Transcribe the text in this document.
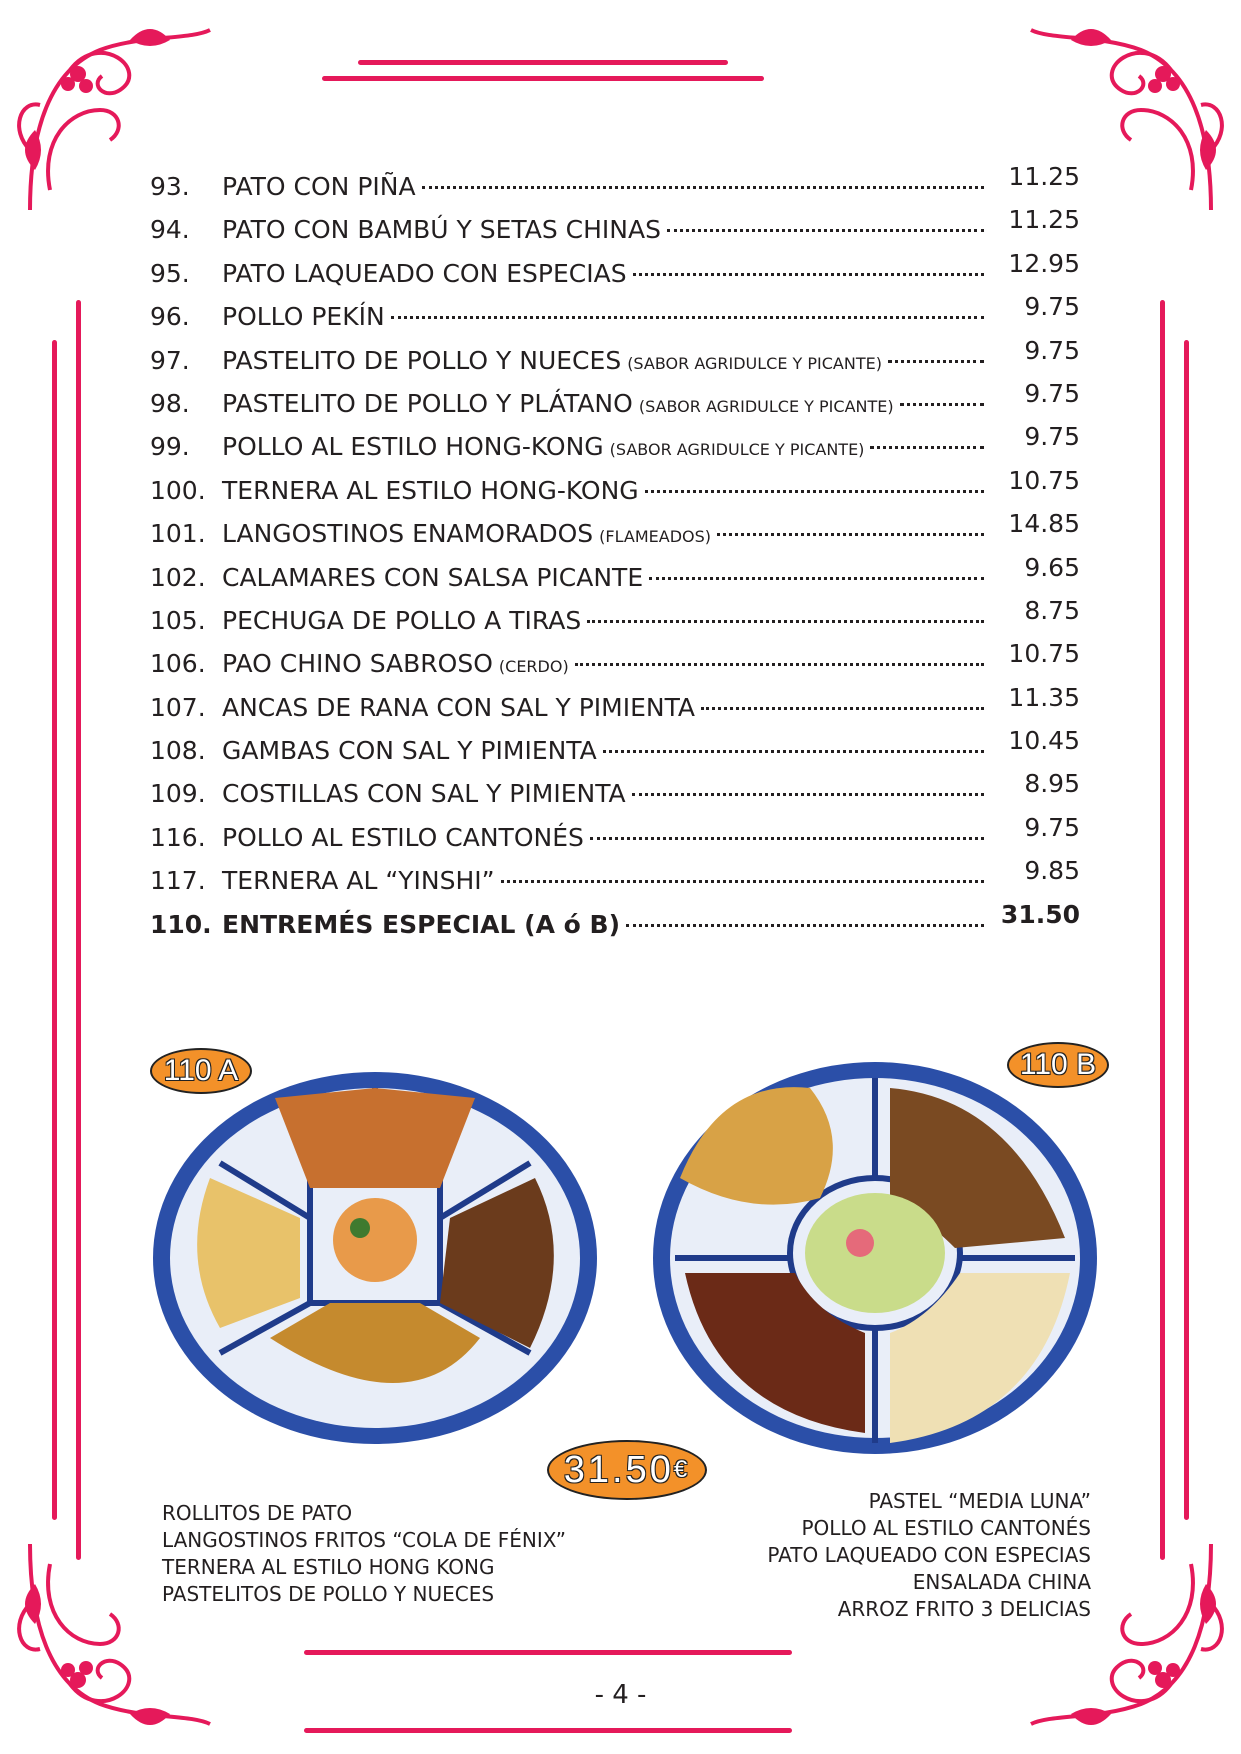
93.	PATO CON PIÑA	11.25
94.	PATO CON BAMBÚ Y SETAS CHINAS	11.25
95.	PATO LAQUEADO CON ESPECIAS	12.95
96.	POLLO PEKÍN	9.75
97.	PASTELITO DE POLLO Y NUECES (SABOR AGRIDULCE Y PICANTE)	9.75
98.	PASTELITO DE POLLO Y PLÁTANO (SABOR AGRIDULCE Y PICANTE)	9.75
99.	POLLO AL ESTILO HONG-KONG (SABOR AGRIDULCE Y PICANTE)	9.75
100. TERNERA AL ESTILO HONG-KONG	10.75
101. LANGOSTINOS ENAMORADOS (FLAMEADOS)	14.85
102. CALAMARES CON SALSA PICANTE	9.65
105. PECHUGA DE POLLO A TIRAS	8.75
106. PAO CHINO SABROSO (CERDO)	10.75
107. ANCAS DE RANA CON SAL Y PIMIENTA	11.35
108. GAMBAS CON SAL Y PIMIENTA	10.45
109. COSTILLAS CON SAL Y PIMIENTA	8.95
116. POLLO AL ESTILO CANTONÉS	9.75
117. TERNERA AL “YINSHI”	9.85
110. ENTREMÉS ESPECIAL (A ó B)	31.50
110 A	110 B
31.50 €
ROLLITOS DE PATO
LANGOSTINOS FRITOS “COLA DE FÉNIX”
TERNERA AL ESTILO HONG KONG
PASTELITOS DE POLLO Y NUECES
PASTEL “MEDIA LUNA”
POLLO AL ESTILO CANTONÉS
PATO LAQUEADO CON ESPECIAS
ENSALADA CHINA
ARROZ FRITO 3 DELICIAS
- 4 -
